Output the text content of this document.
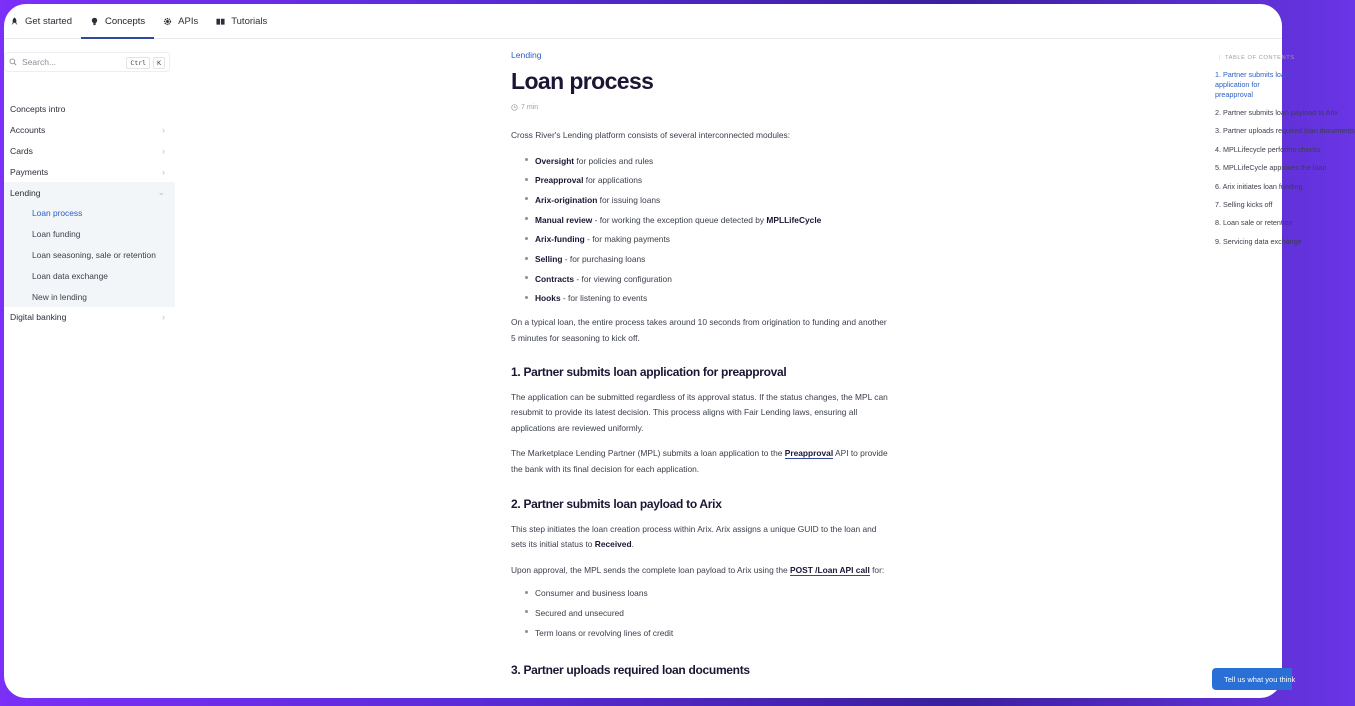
Get started	Concepts	APIs	Tutorials
Search...	Ctrl	K
Concepts intro
Accounts	›
Cards	›
Payments	›
Lending	⌄
Loan process
Loan funding
Loan seasoning, sale or retention
Loan data exchange
New in lending
Digital banking	›
Lending
Loan process
7 min

Cross River's Lending platform consists of several interconnected modules:

Oversight for policies and rules
Preapproval for applications
Arix-origination for issuing loans
Manual review - for working the exception queue detected by MPLLifeCycle
Arix-funding - for making payments
Selling - for purchasing loans
Contracts - for viewing configuration
Hooks - for listening to events

On a typical loan, the entire process takes around 10 seconds from origination to funding and another 5 minutes for seasoning to kick off.

1. Partner submits loan application for preapproval

The application can be submitted regardless of its approval status. If the status changes, the MPL can resubmit to provide its latest decision. This process aligns with Fair Lending laws, ensuring all applications are reviewed uniformly.

The Marketplace Lending Partner (MPL) submits a loan application to the Preapproval API to provide the bank with its final decision for each application.

2. Partner submits loan payload to Arix

This step initiates the loan creation process within Arix. Arix assigns a unique GUID to the loan and sets its initial status to Received.

Upon approval, the MPL sends the complete loan payload to Arix using the POST /Loan API call for:

Consumer and business loans
Secured and unsecured
Term loans or revolving lines of credit
3. Partner uploads required loan documents
| TABLE OF CONTENTS
1. Partner submits loan application for preapproval
2. Partner submits loan payload to Arix
3. Partner uploads required loan documents
4. MPLLifecycle performs checks
5. MPLLifeCycle approves the loan
6. Arix initiates loan funding
7. Selling kicks off
8. Loan sale or retention
9. Servicing data exchange
Tell us what you think
